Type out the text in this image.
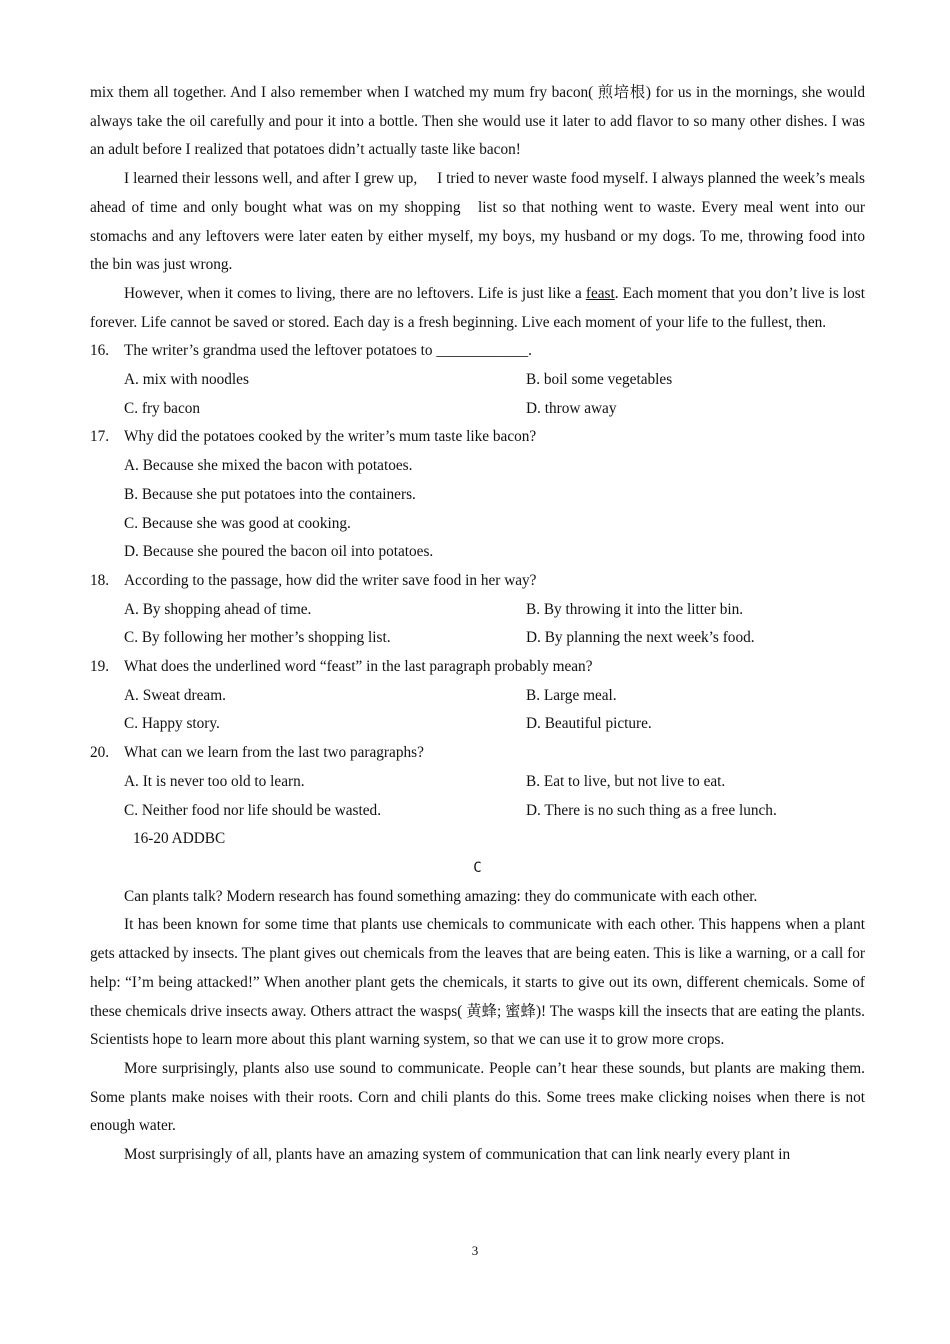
mix them all together. And I also remember when I watched my mum fry bacon( 煎培根) for us in the mornings, she would always take the oil carefully and pour it into a bottle. Then she would use it later to add flavor to so many other dishes. I was an adult before I realized that potatoes didn’t actually taste like bacon!

I learned their lessons well, and after I grew up,     I tried to never waste food myself. I always planned the week’s meals ahead of time and only bought what was on my shopping   list so that nothing went to waste. Every meal went into our stomachs and any leftovers were later eaten by either myself, my boys, my husband or my dogs. To me, throwing food into the bin was just wrong.

However, when it comes to living, there are no leftovers. Life is just like a feast. Each moment that you don’t live is lost forever. Life cannot be saved or stored. Each day is a fresh beginning. Live each moment of your life to the fullest, then.

16. The writer’s grandma used the leftover potatoes to ____________.
A. mix with noodles	B. boil some vegetables
C. fry bacon	D. throw away
17. Why did the potatoes cooked by the writer’s mum taste like bacon?

A. Because she mixed the bacon with potatoes.

B. Because she put potatoes into the containers.

C. Because she was good at cooking.

D. Because she poured the bacon oil into potatoes.

18. According to the passage, how did the writer save food in her way?
A. By shopping ahead of time.	B. By throwing it into the litter bin.
C. By following her mother’s shopping list.	D. By planning the next week’s food.
19. What does the underlined word “feast” in the last paragraph probably mean?
A. Sweat dream.	B. Large meal.
C. Happy story.	D. Beautiful picture.
20. What can we learn from the last two paragraphs?
A. It is never too old to learn.	B. Eat to live, but not live to eat.
C. Neither food nor life should be wasted.	D. There is no such thing as a free lunch.

16-20 ADDBC

C

Can plants talk? Modern research has found something amazing: they do communicate with each other.

It has been known for some time that plants use chemicals to communicate with each other. This happens when a plant gets attacked by insects. The plant gives out chemicals from the leaves that are being eaten. This is like a warning, or a call for help: “I’m being attacked!” When another plant gets the chemicals, it starts to give out its own, different chemicals. Some of these chemicals drive insects away. Others attract the wasps( 黄蜂; 蜜蜂)! The wasps kill the insects that are eating the plants. Scientists hope to learn more about this plant warning system, so that we can use it to grow more crops.

More surprisingly, plants also use sound to communicate. People can’t hear these sounds, but plants are making them. Some plants make noises with their roots. Corn and chili plants do this. Some trees make clicking noises when there is not enough water.

Most surprisingly of all, plants have an amazing system of communication that can link nearly every plant in

3
